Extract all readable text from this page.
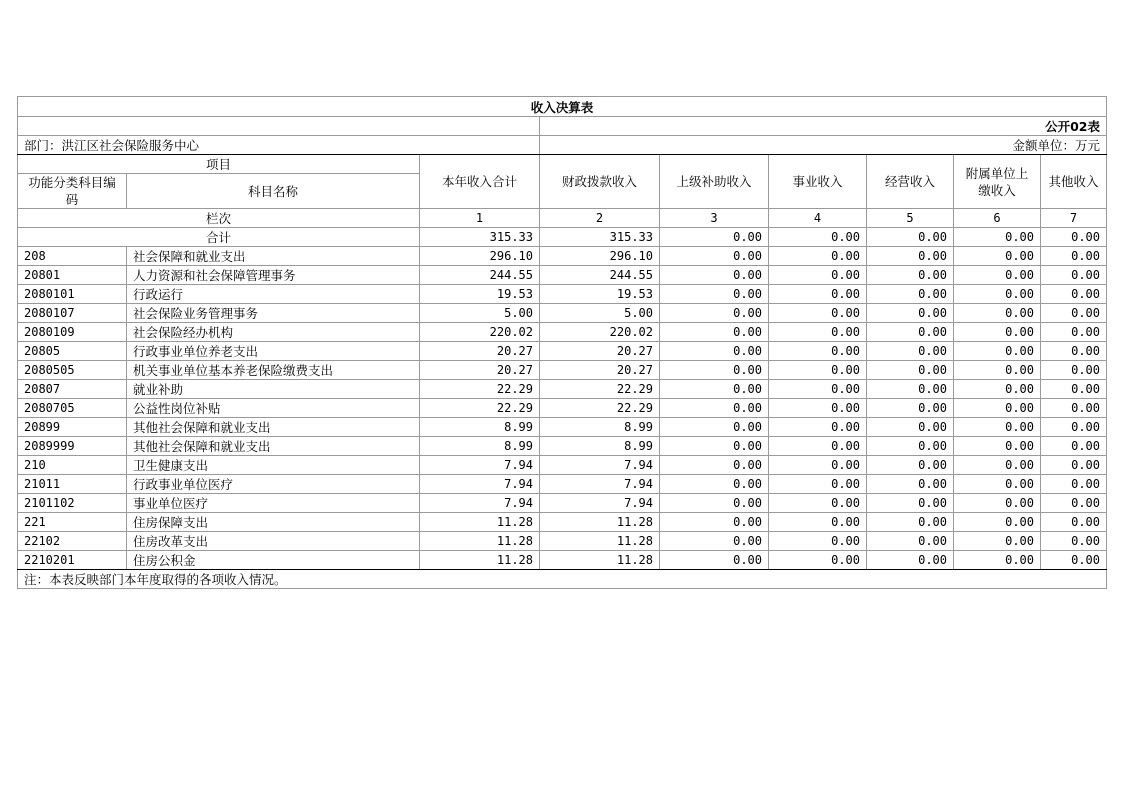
收入决算表								
			公开02表					
部门：洪江区社会保险服务中心			金额单位：万元					
项目		本年收入合计	财政拨款收入	上级补助收入	事业收入	经营收入	附属单位上缴收入	其他收入
功能分类科目编码	科目名称							
栏次		1	2	3	4	5	6	7
合计		315.33	315.33	0.00	0.00	0.00	0.00	0.00
208	社会保障和就业支出	296.10	296.10	0.00	0.00	0.00	0.00	0.00
20801	人力资源和社会保障管理事务	244.55	244.55	0.00	0.00	0.00	0.00	0.00
2080101	行政运行	19.53	19.53	0.00	0.00	0.00	0.00	0.00
2080107	社会保险业务管理事务	5.00	5.00	0.00	0.00	0.00	0.00	0.00
2080109	社会保险经办机构	220.02	220.02	0.00	0.00	0.00	0.00	0.00
20805	行政事业单位养老支出	20.27	20.27	0.00	0.00	0.00	0.00	0.00
2080505	机关事业单位基本养老保险缴费支出	20.27	20.27	0.00	0.00	0.00	0.00	0.00
20807	就业补助	22.29	22.29	0.00	0.00	0.00	0.00	0.00
2080705	公益性岗位补贴	22.29	22.29	0.00	0.00	0.00	0.00	0.00
20899	其他社会保障和就业支出	8.99	8.99	0.00	0.00	0.00	0.00	0.00
2089999	其他社会保障和就业支出	8.99	8.99	0.00	0.00	0.00	0.00	0.00
210	卫生健康支出	7.94	7.94	0.00	0.00	0.00	0.00	0.00
21011	行政事业单位医疗	7.94	7.94	0.00	0.00	0.00	0.00	0.00
2101102	事业单位医疗	7.94	7.94	0.00	0.00	0.00	0.00	0.00
221	住房保障支出	11.28	11.28	0.00	0.00	0.00	0.00	0.00
22102	住房改革支出	11.28	11.28	0.00	0.00	0.00	0.00	0.00
2210201	住房公积金	11.28	11.28	0.00	0.00	0.00	0.00	0.00
注：本表反映部门本年度取得的各项收入情况。								
